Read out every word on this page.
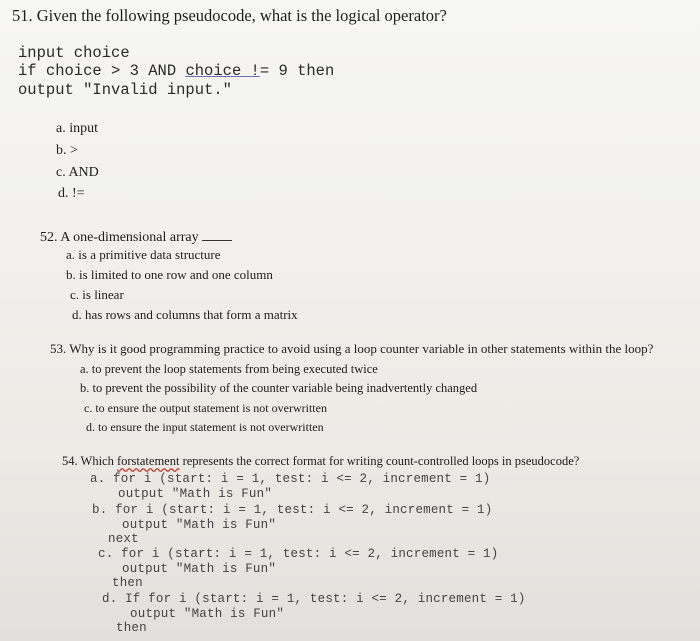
51. Given the following pseudocode, what is the logical operator?
input choice
if choice > 3 AND choice != 9 then
output "Invalid input."
a. input
b. >
c. AND
d. !=
52. A one-dimensional array
a. is a primitive data structure
b. is limited to one row and one column
c. is linear
d. has rows and columns that form a matrix
53. Why is it good programming practice to avoid using a loop counter variable in other statements within the loop?
a. to prevent the loop statements from being executed twice
b. to prevent the possibility of the counter variable being inadvertently changed
c. to ensure the output statement is not overwritten
d. to ensure the input statement is not overwritten
54. Which forstatement represents the correct format for writing count-controlled loops in pseudocode?
a. for i (start: i = 1, test: i <= 2, increment = 1)
output "Math is Fun"
b. for i (start: i = 1, test: i <= 2, increment = 1)
output "Math is Fun"
next
c. for i (start: i = 1, test: i <= 2, increment = 1)
output "Math is Fun"
then
d. If for i (start: i = 1, test: i <= 2, increment = 1)
output "Math is Fun"
then
